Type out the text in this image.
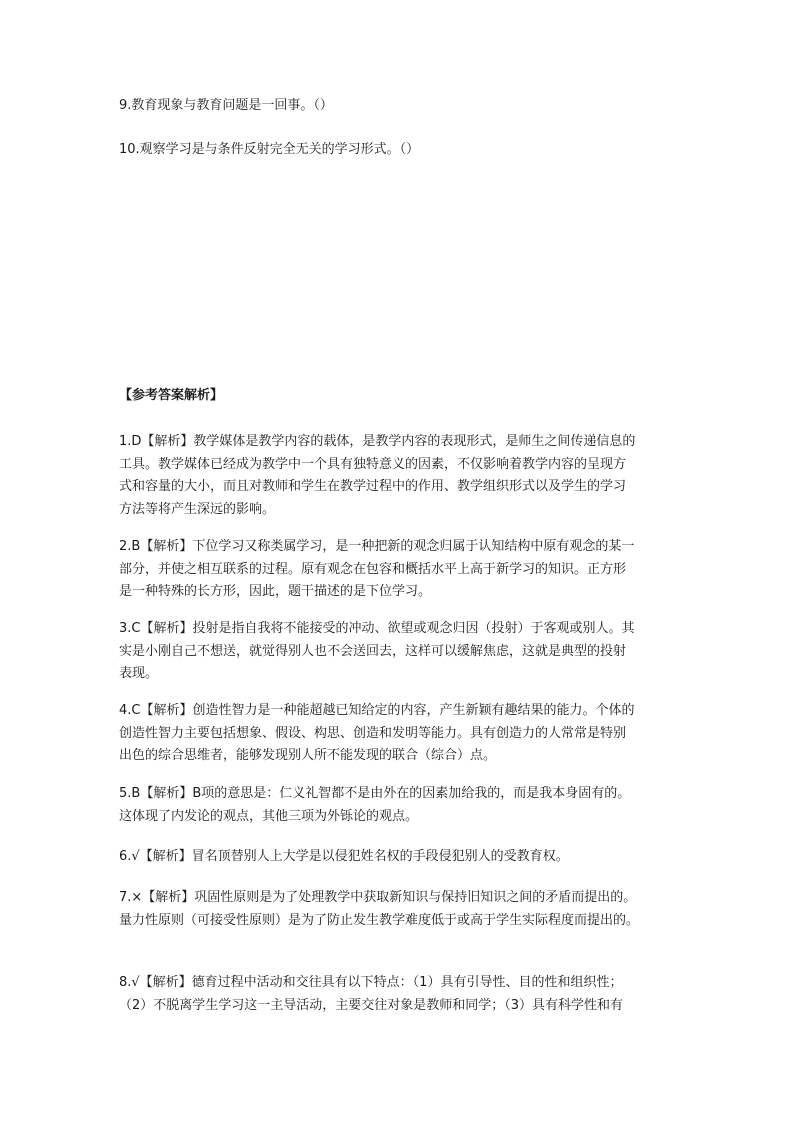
9.教育现象与教育问题是一回事。（）
10.观察学习是与条件反射完全无关的学习形式。（）
【参考答案解析】
1.D【解析】教学媒体是教学内容的载体，是教学内容的表现形式，是师生之间传递信息的
工具。教学媒体已经成为教学中一个具有独特意义的因素，不仅影响着教学内容的呈现方
式和容量的大小，而且对教师和学生在教学过程中的作用、教学组织形式以及学生的学习
方法等将产生深远的影响。
2.B【解析】下位学习又称类属学习，是一种把新的观念归属于认知结构中原有观念的某一
部分，并使之相互联系的过程。原有观念在包容和概括水平上高于新学习的知识。正方形
是一种特殊的长方形，因此，题干描述的是下位学习。
3.C【解析】投射是指自我将不能接受的冲动、欲望或观念归因（投射）于客观或别人。其
实是小刚自己不想送，就觉得别人也不会送回去，这样可以缓解焦虑，这就是典型的投射
表现。
4.C【解析】创造性智力是一种能超越已知给定的内容，产生新颖有趣结果的能力。个体的
创造性智力主要包括想象、假设、构思、创造和发明等能力。具有创造力的人常常是特别
出色的综合思维者，能够发现别人所不能发现的联合（综合）点。
5.B【解析】B项的意思是：仁义礼智都不是由外在的因素加给我的，而是我本身固有的。
这体现了内发论的观点，其他三项为外铄论的观点。
6.√【解析】冒名顶替别人上大学是以侵犯姓名权的手段侵犯别人的受教育权。
7.×【解析】巩固性原则是为了处理教学中获取新知识与保持旧知识之间的矛盾而提出的。
量力性原则（可接受性原则）是为了防止发生教学难度低于或高于学生实际程度而提出的。
8.√【解析】德育过程中活动和交往具有以下特点：（1）具有引导性、目的性和组织性；
（2）不脱离学生学习这一主导活动，主要交往对象是教师和同学；（3）具有科学性和有
